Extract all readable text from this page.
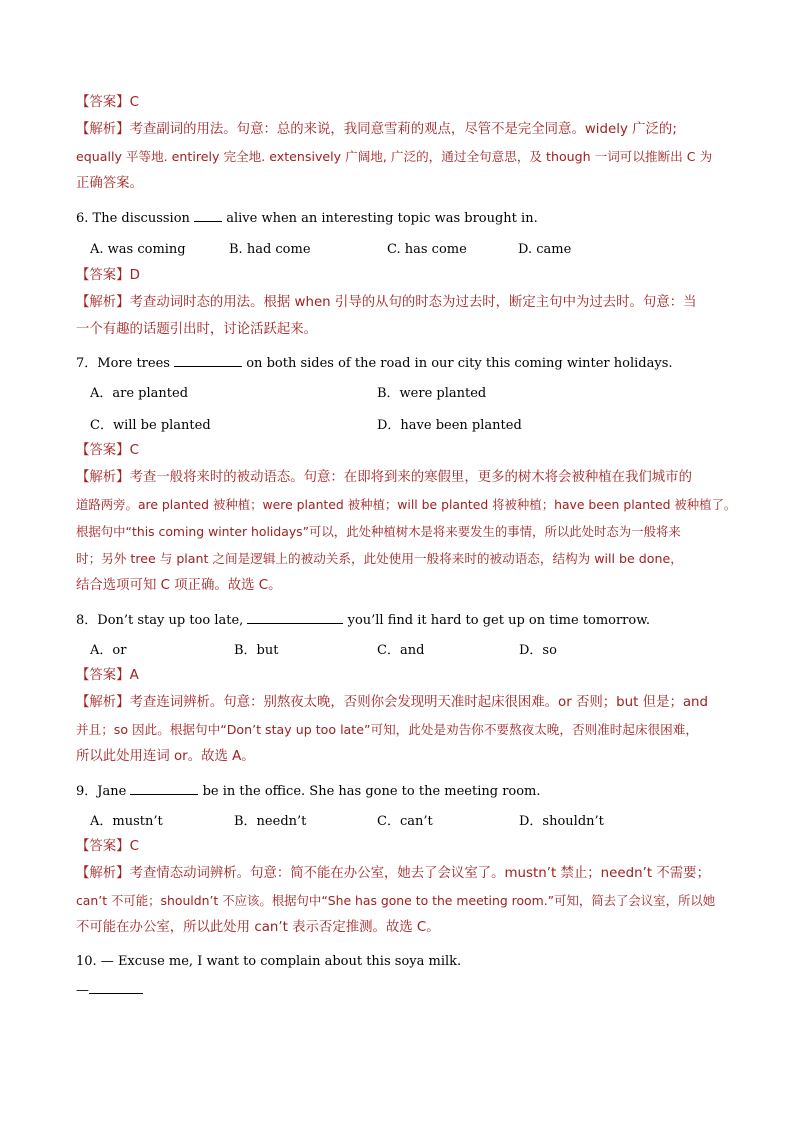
【答案】C
【解析】考查副词的用法。句意：总的来说，我同意雪莉的观点，尽管不是完全同意。widely 广泛的;
equally 平等地. entirely 完全地. extensively 广阔地, 广泛的，通过全句意思，及 though 一词可以推断出 C 为
正确答案。
6. The discussion	alive when an interesting topic was brought in.
A. was coming	B. had come	C. has come	D. came
【答案】D
【解析】考查动词时态的用法。根据 when 引导的从句的时态为过去时，断定主句中为过去时。句意：当
一个有趣的话题引出时，讨论活跃起来。
7．More trees	on both sides of the road in our city this coming winter holidays.
A．are planted	B．were planted
C．will be planted	D．have been planted
【答案】C
【解析】考查一般将来时的被动语态。句意：在即将到来的寒假里，更多的树木将会被种植在我们城市的
道路两旁。are planted 被种植；were planted 被种植；will be planted 将被种植；have been planted 被种植了。
根据句中“this coming winter holidays”可以，此处种植树木是将来要发生的事情，所以此处时态为一般将来
时；另外 tree 与 plant 之间是逻辑上的被动关系，此处使用一般将来时的被动语态，结构为 will be done，
结合选项可知 C 项正确。故选 C。
8．Don’t stay up too late,	you’ll find it hard to get up on time tomorrow.
A．or	B．but	C．and	D．so
【答案】A
【解析】考查连词辨析。句意：别熬夜太晚，否则你会发现明天准时起床很困难。or 否则；but 但是；and
并且；so 因此。根据句中“Don’t stay up too late”可知，此处是劝告你不要熬夜太晚，否则准时起床很困难，
所以此处用连词 or。故选 A。
9．Jane	be in the office. She has gone to the meeting room.
A．mustn’t	B．needn’t	C．can’t	D．shouldn’t
【答案】C
【解析】考查情态动词辨析。句意：简不能在办公室，她去了会议室了。mustn’t 禁止；needn’t 不需要；
can’t 不可能；shouldn’t 不应该。根据句中“She has gone to the meeting room.”可知，简去了会议室，所以她
不可能在办公室，所以此处用 can’t 表示否定推测。故选 C。
10. — Excuse me, I want to complain about this soya milk.
—
